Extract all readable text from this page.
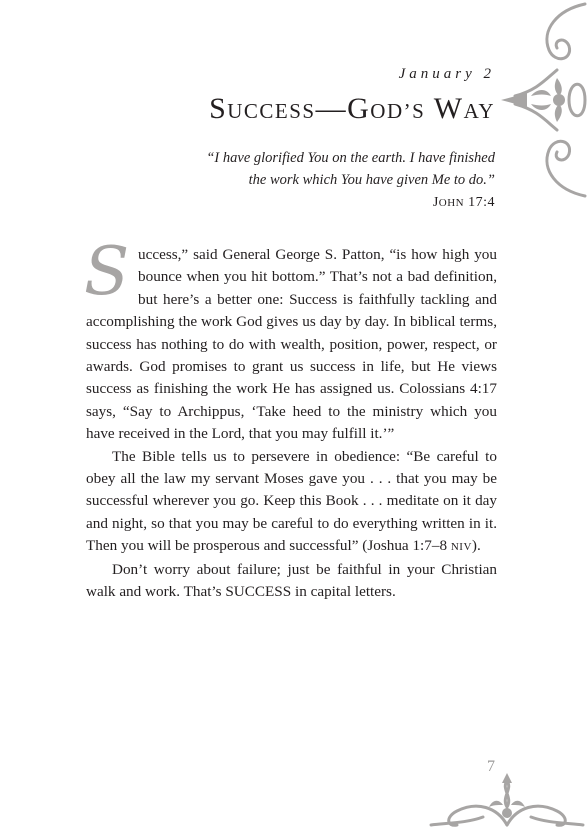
January 2
SUCCESS—GOD’S WAY
“I have glorified You on the earth. I have finished
the work which You have given Me to do.”
JOHN 17:4

Success,” said General George S. Patton, “is how high you bounce when you hit bottom.” That’s not a bad definition, but here’s a better one: Success is faithfully tackling and accomplishing the work God gives us day by day. In biblical terms, success has nothing to do with wealth, position, power, respect, or awards. God promises to grant us success in life, but He views success as finishing the work He has assigned us. Colossians 4:17 says, “Say to Archippus, ‘Take heed to the ministry which you have received in the Lord, that you may fulfill it.’”

The Bible tells us to persevere in obedience: “Be careful to obey all the law my servant Moses gave you . . . that you may be successful wherever you go. Keep this Book . . . meditate on it day and night, so that you may be careful to do everything written in it. Then you will be prosperous and successful” (Joshua 1:7–8 NIV).

Don’t worry about failure; just be faithful in your Christian walk and work. That’s SUCCESS in capital letters.

7
